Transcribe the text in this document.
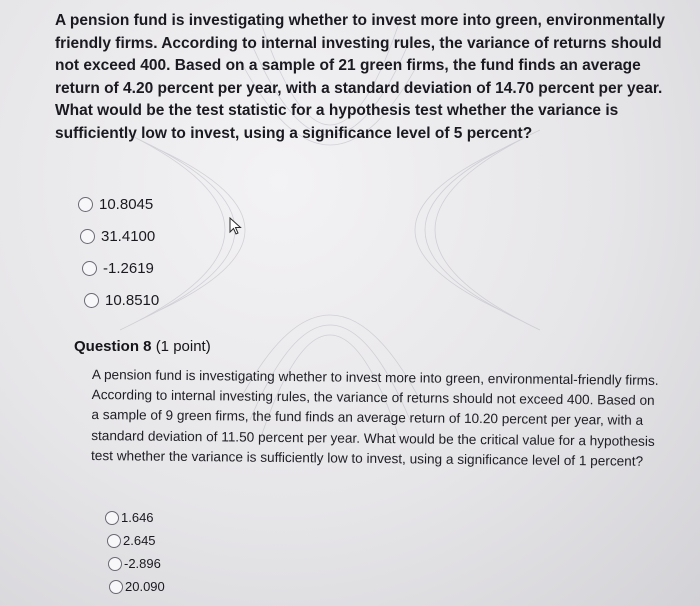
A pension fund is investigating whether to invest more into green, environmentally friendly firms. According to internal investing rules, the variance of returns should not exceed 400. Based on a sample of 21 green firms, the fund finds an average return of 4.20 percent per year, with a standard deviation of 14.70 percent per year. What would be the test statistic for a hypothesis test whether the variance is sufficiently low to invest, using a significance level of 5 percent?

10.8045
31.4100
-1.2619
10.8510
Question 8 (1 point)

A pension fund is investigating whether to invest more into green, environmental-friendly firms. According to internal investing rules, the variance of returns should not exceed 400. Based on a sample of 9 green firms, the fund finds an average return of 10.20 percent per year, with a standard deviation of 11.50 percent per year. What would be the critical value for a hypothesis test whether the variance is sufficiently low to invest, using a significance level of 1 percent?

1.646
2.645
-2.896
20.090
